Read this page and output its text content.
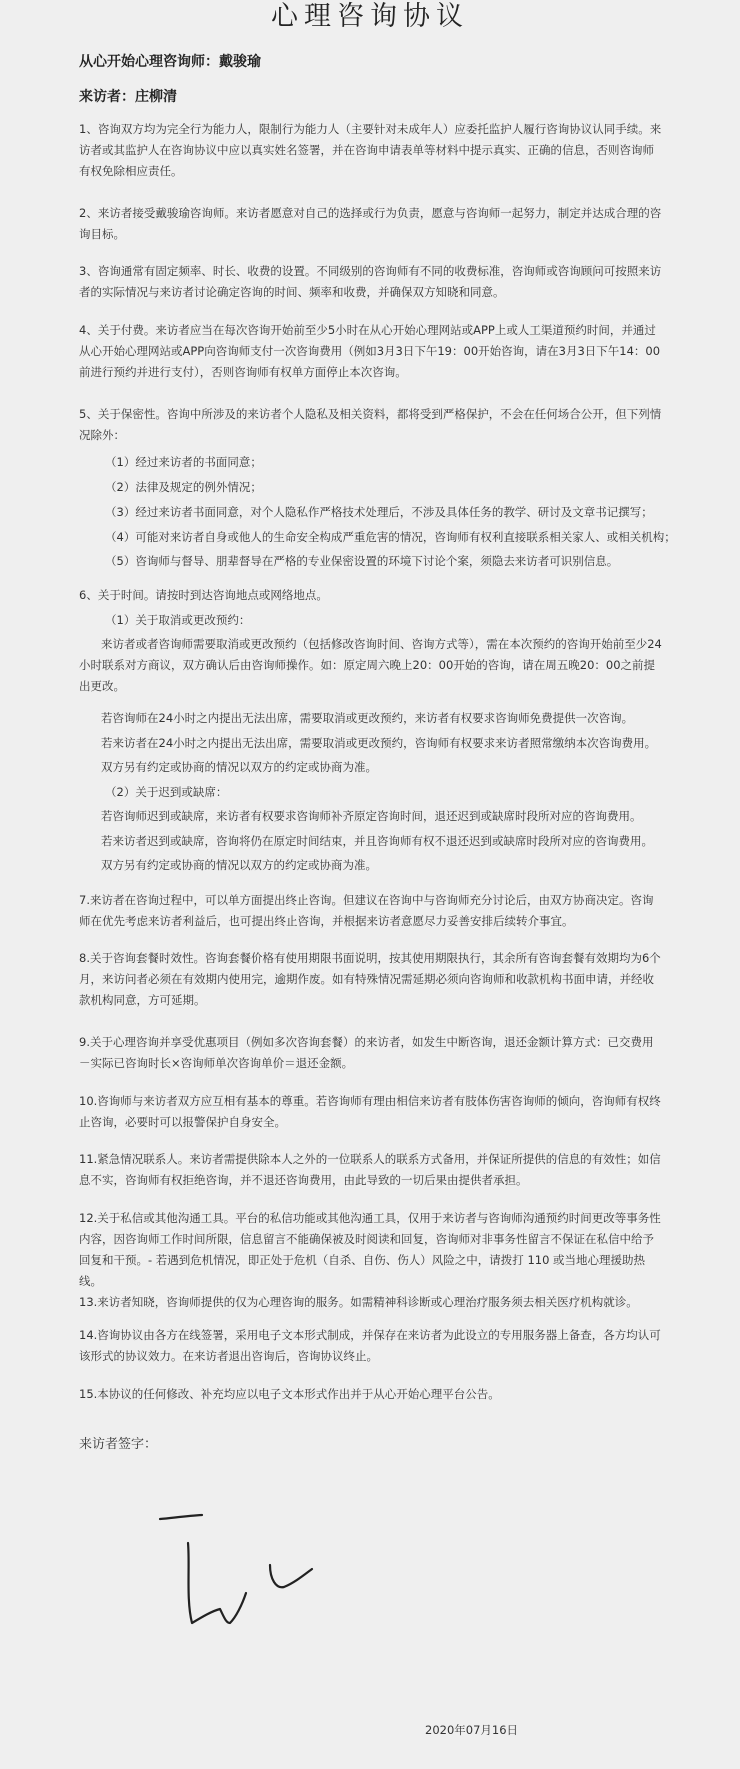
心理咨询协议
从心开始心理咨询师：戴骏瑜
来访者：庄柳清

1、咨询双方均为完全行为能力人，限制行为能力人（主要针对未成年人）应委托监护人履行咨询协议认同手续。来访者或其监护人在咨询协议中应以真实姓名签署，并在咨询申请表单等材料中提示真实、正确的信息，否则咨询师有权免除相应责任。

2、来访者接受戴骏瑜咨询师。来访者愿意对自己的选择或行为负责，愿意与咨询师一起努力，制定并达成合理的咨询目标。

3、咨询通常有固定频率、时长、收费的设置。不同级别的咨询师有不同的收费标准，咨询师或咨询顾问可按照来访者的实际情况与来访者讨论确定咨询的时间、频率和收费，并确保双方知晓和同意。

4、关于付费。来访者应当在每次咨询开始前至少5小时在从心开始心理网站或APP上或人工渠道预约时间，并通过从心开始心理网站或APP向咨询师支付一次咨询费用（例如3月3日下午19：00开始咨询，请在3月3日下午14：00前进行预约并进行支付），否则咨询师有权单方面停止本次咨询。

5、关于保密性。咨询中所涉及的来访者个人隐私及相关资料，都将受到严格保护，不会在任何场合公开，但下列情况除外：

（1）经过来访者的书面同意；

（2）法律及规定的例外情况；

（3）经过来访者书面同意，对个人隐私作严格技术处理后，不涉及具体任务的教学、研讨及文章书记撰写；

（4）可能对来访者自身或他人的生命安全构成严重危害的情况，咨询师有权利直接联系相关家人、或相关机构；

（5）咨询师与督导、朋辈督导在严格的专业保密设置的环境下讨论个案，须隐去来访者可识别信息。

6、关于时间。请按时到达咨询地点或网络地点。

（1）关于取消或更改预约：

来访者或者咨询师需要取消或更改预约（包括修改咨询时间、咨询方式等），需在本次预约的咨询开始前至少24小时联系对方商议，双方确认后由咨询师操作。如：原定周六晚上20：00开始的咨询，请在周五晚20：00之前提出更改。

若咨询师在24小时之内提出无法出席，需要取消或更改预约，来访者有权要求咨询师免费提供一次咨询。

若来访者在24小时之内提出无法出席，需要取消或更改预约，咨询师有权要求来访者照常缴纳本次咨询费用。

双方另有约定或协商的情况以双方的约定或协商为准。

（2）关于迟到或缺席：

若咨询师迟到或缺席，来访者有权要求咨询师补齐原定咨询时间，退还迟到或缺席时段所对应的咨询费用。

若来访者迟到或缺席，咨询将仍在原定时间结束，并且咨询师有权不退还迟到或缺席时段所对应的咨询费用。

双方另有约定或协商的情况以双方的约定或协商为准。

7.来访者在咨询过程中，可以单方面提出终止咨询。但建议在咨询中与咨询师充分讨论后，由双方协商决定。咨询师在优先考虑来访者利益后，也可提出终止咨询，并根据来访者意愿尽力妥善安排后续转介事宜。

8.关于咨询套餐时效性。咨询套餐价格有使用期限书面说明，按其使用期限执行，其余所有咨询套餐有效期均为6个月，来访问者必须在有效期内使用完，逾期作废。如有特殊情况需延期必须向咨询师和收款机构书面申请，并经收款机构同意，方可延期。

9.关于心理咨询并享受优惠项目（例如多次咨询套餐）的来访者，如发生中断咨询，退还金额计算方式：已交费用－实际已咨询时长×咨询师单次咨询单价＝退还金额。

10.咨询师与来访者双方应互相有基本的尊重。若咨询师有理由相信来访者有肢体伤害咨询师的倾向，咨询师有权终止咨询，必要时可以报警保护自身安全。

11.紧急情况联系人。来访者需提供除本人之外的一位联系人的联系方式备用，并保证所提供的信息的有效性；如信息不实，咨询师有权拒绝咨询，并不退还咨询费用，由此导致的一切后果由提供者承担。

12.关于私信或其他沟通工具。平台的私信功能或其他沟通工具，仅用于来访者与咨询师沟通预约时间更改等事务性内容，因咨询师工作时间所限，信息留言不能确保被及时阅读和回复，咨询师对非事务性留言不保证在私信中给予回复和干预。- 若遇到危机情况，即正处于危机（自杀、自伤、伤人）风险之中，请拨打 110 或当地心理援助热线。

13.来访者知晓，咨询师提供的仅为心理咨询的服务。如需精神科诊断或心理治疗服务须去相关医疗机构就诊。

14.咨询协议由各方在线签署，采用电子文本形式制成，并保存在来访者为此设立的专用服务器上备查，各方均认可该形式的协议效力。在来访者退出咨询后，咨询协议终止。

15.本协议的任何修改、补充均应以电子文本形式作出并于从心开始心理平台公告。

来访者签字：
2020年07月16日
